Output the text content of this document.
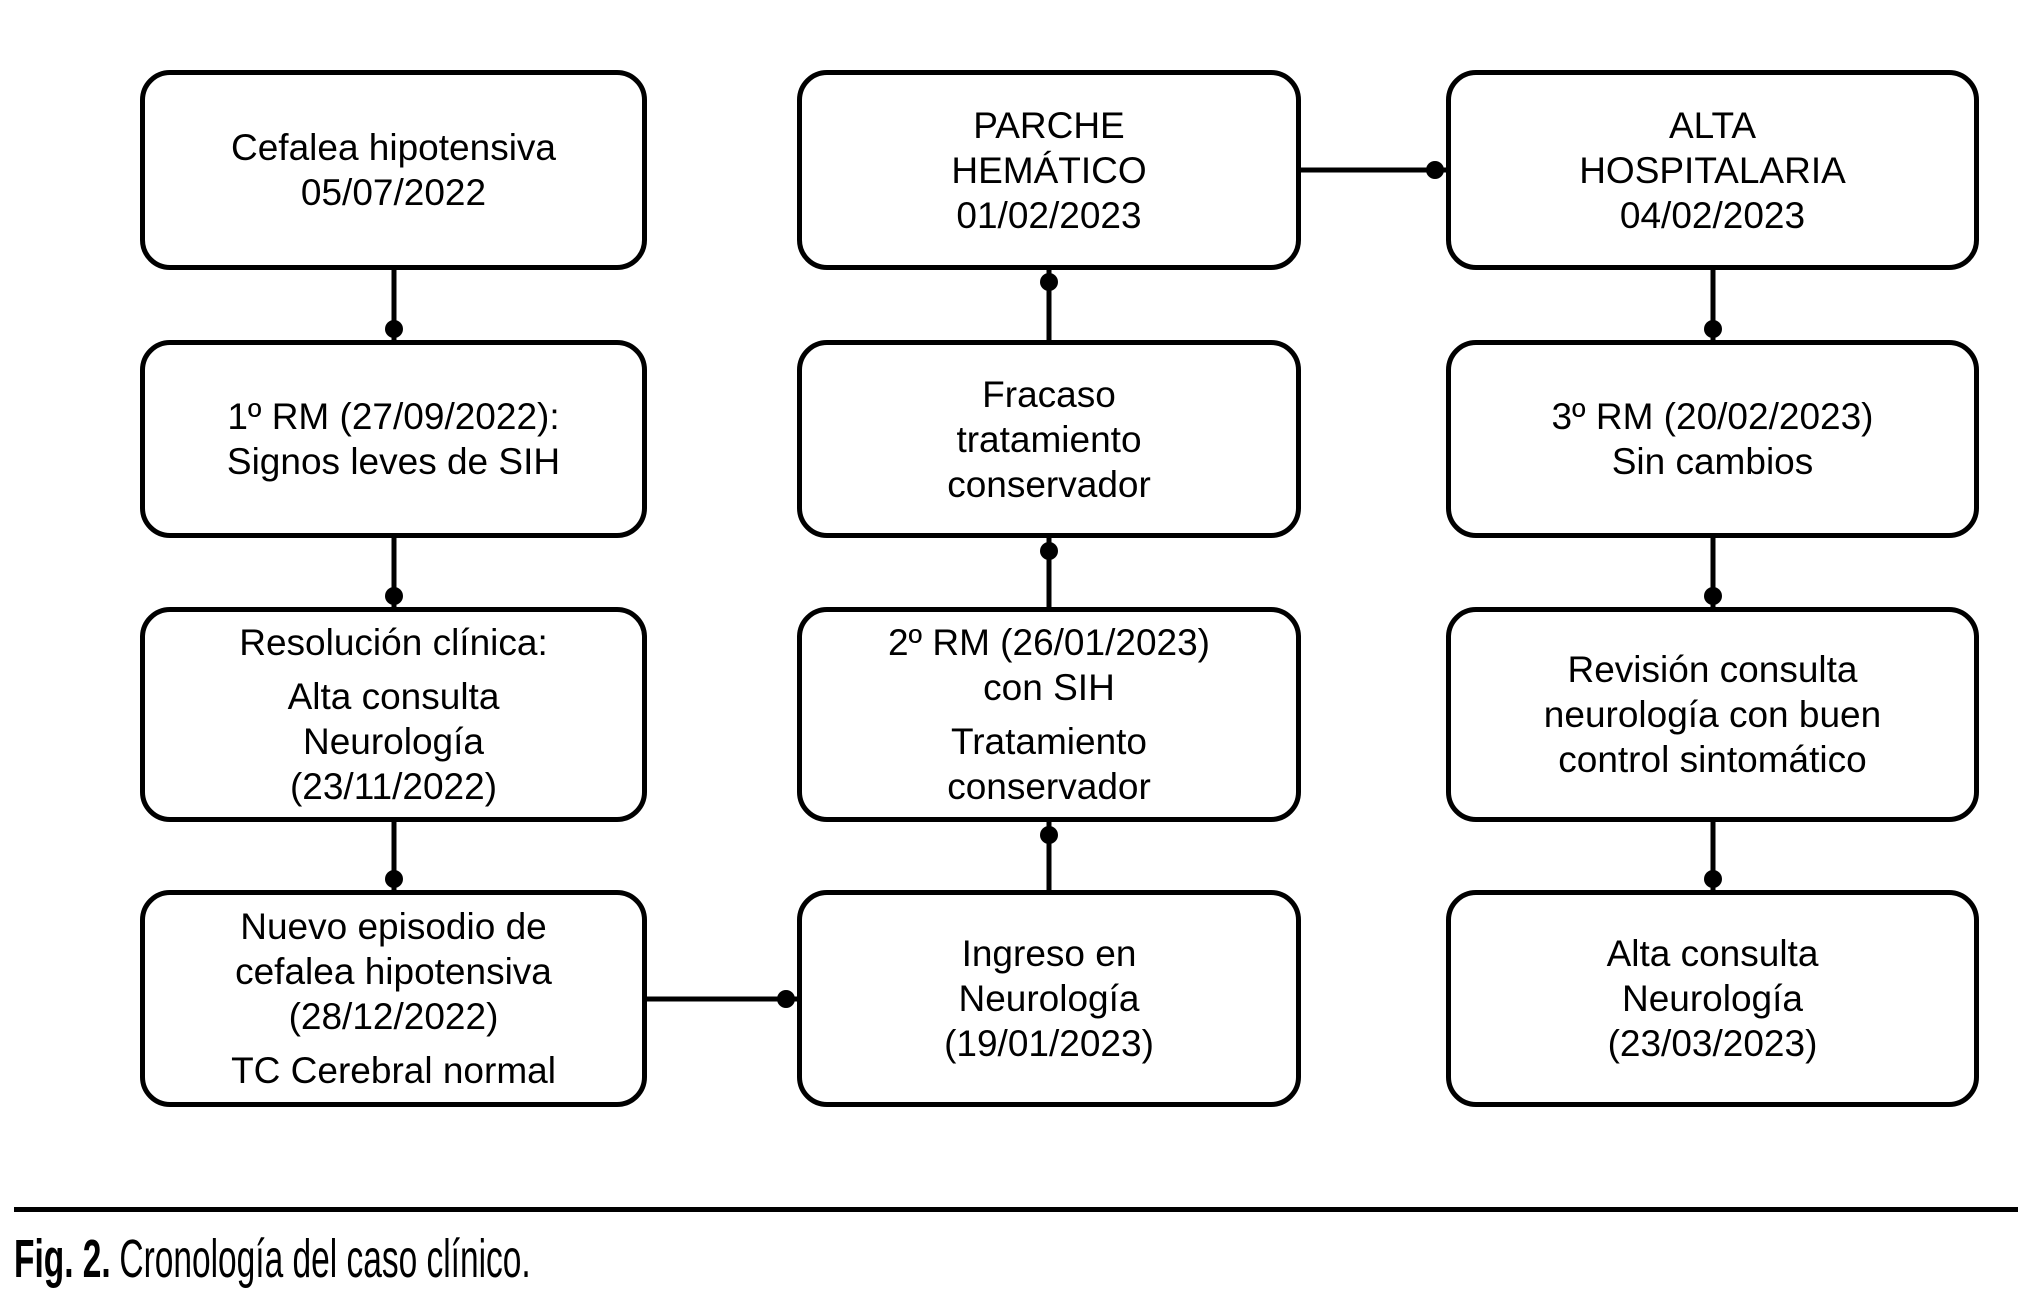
Cefalea hipotensiva
05/07/2022
1º RM (27/09/2022):
Signos leves de SIH
Resolución clínica:
Alta consulta
Neurología
(23/11/2022)
Nuevo episodio de
cefalea hipotensiva
(28/12/2022)
TC Cerebral normal
PARCHE
HEMÁTICO
01/02/2023
Fracaso
tratamiento
conservador
2º RM (26/01/2023)
con SIH
Tratamiento
conservador
Ingreso en
Neurología
(19/01/2023)
ALTA
HOSPITALARIA
04/02/2023
3º RM (20/02/2023)
Sin cambios
Revisión consulta
neurología con buen
control sintomático
Alta consulta
Neurología
(23/03/2023)
Fig. 2. Cronología del caso clínico.
